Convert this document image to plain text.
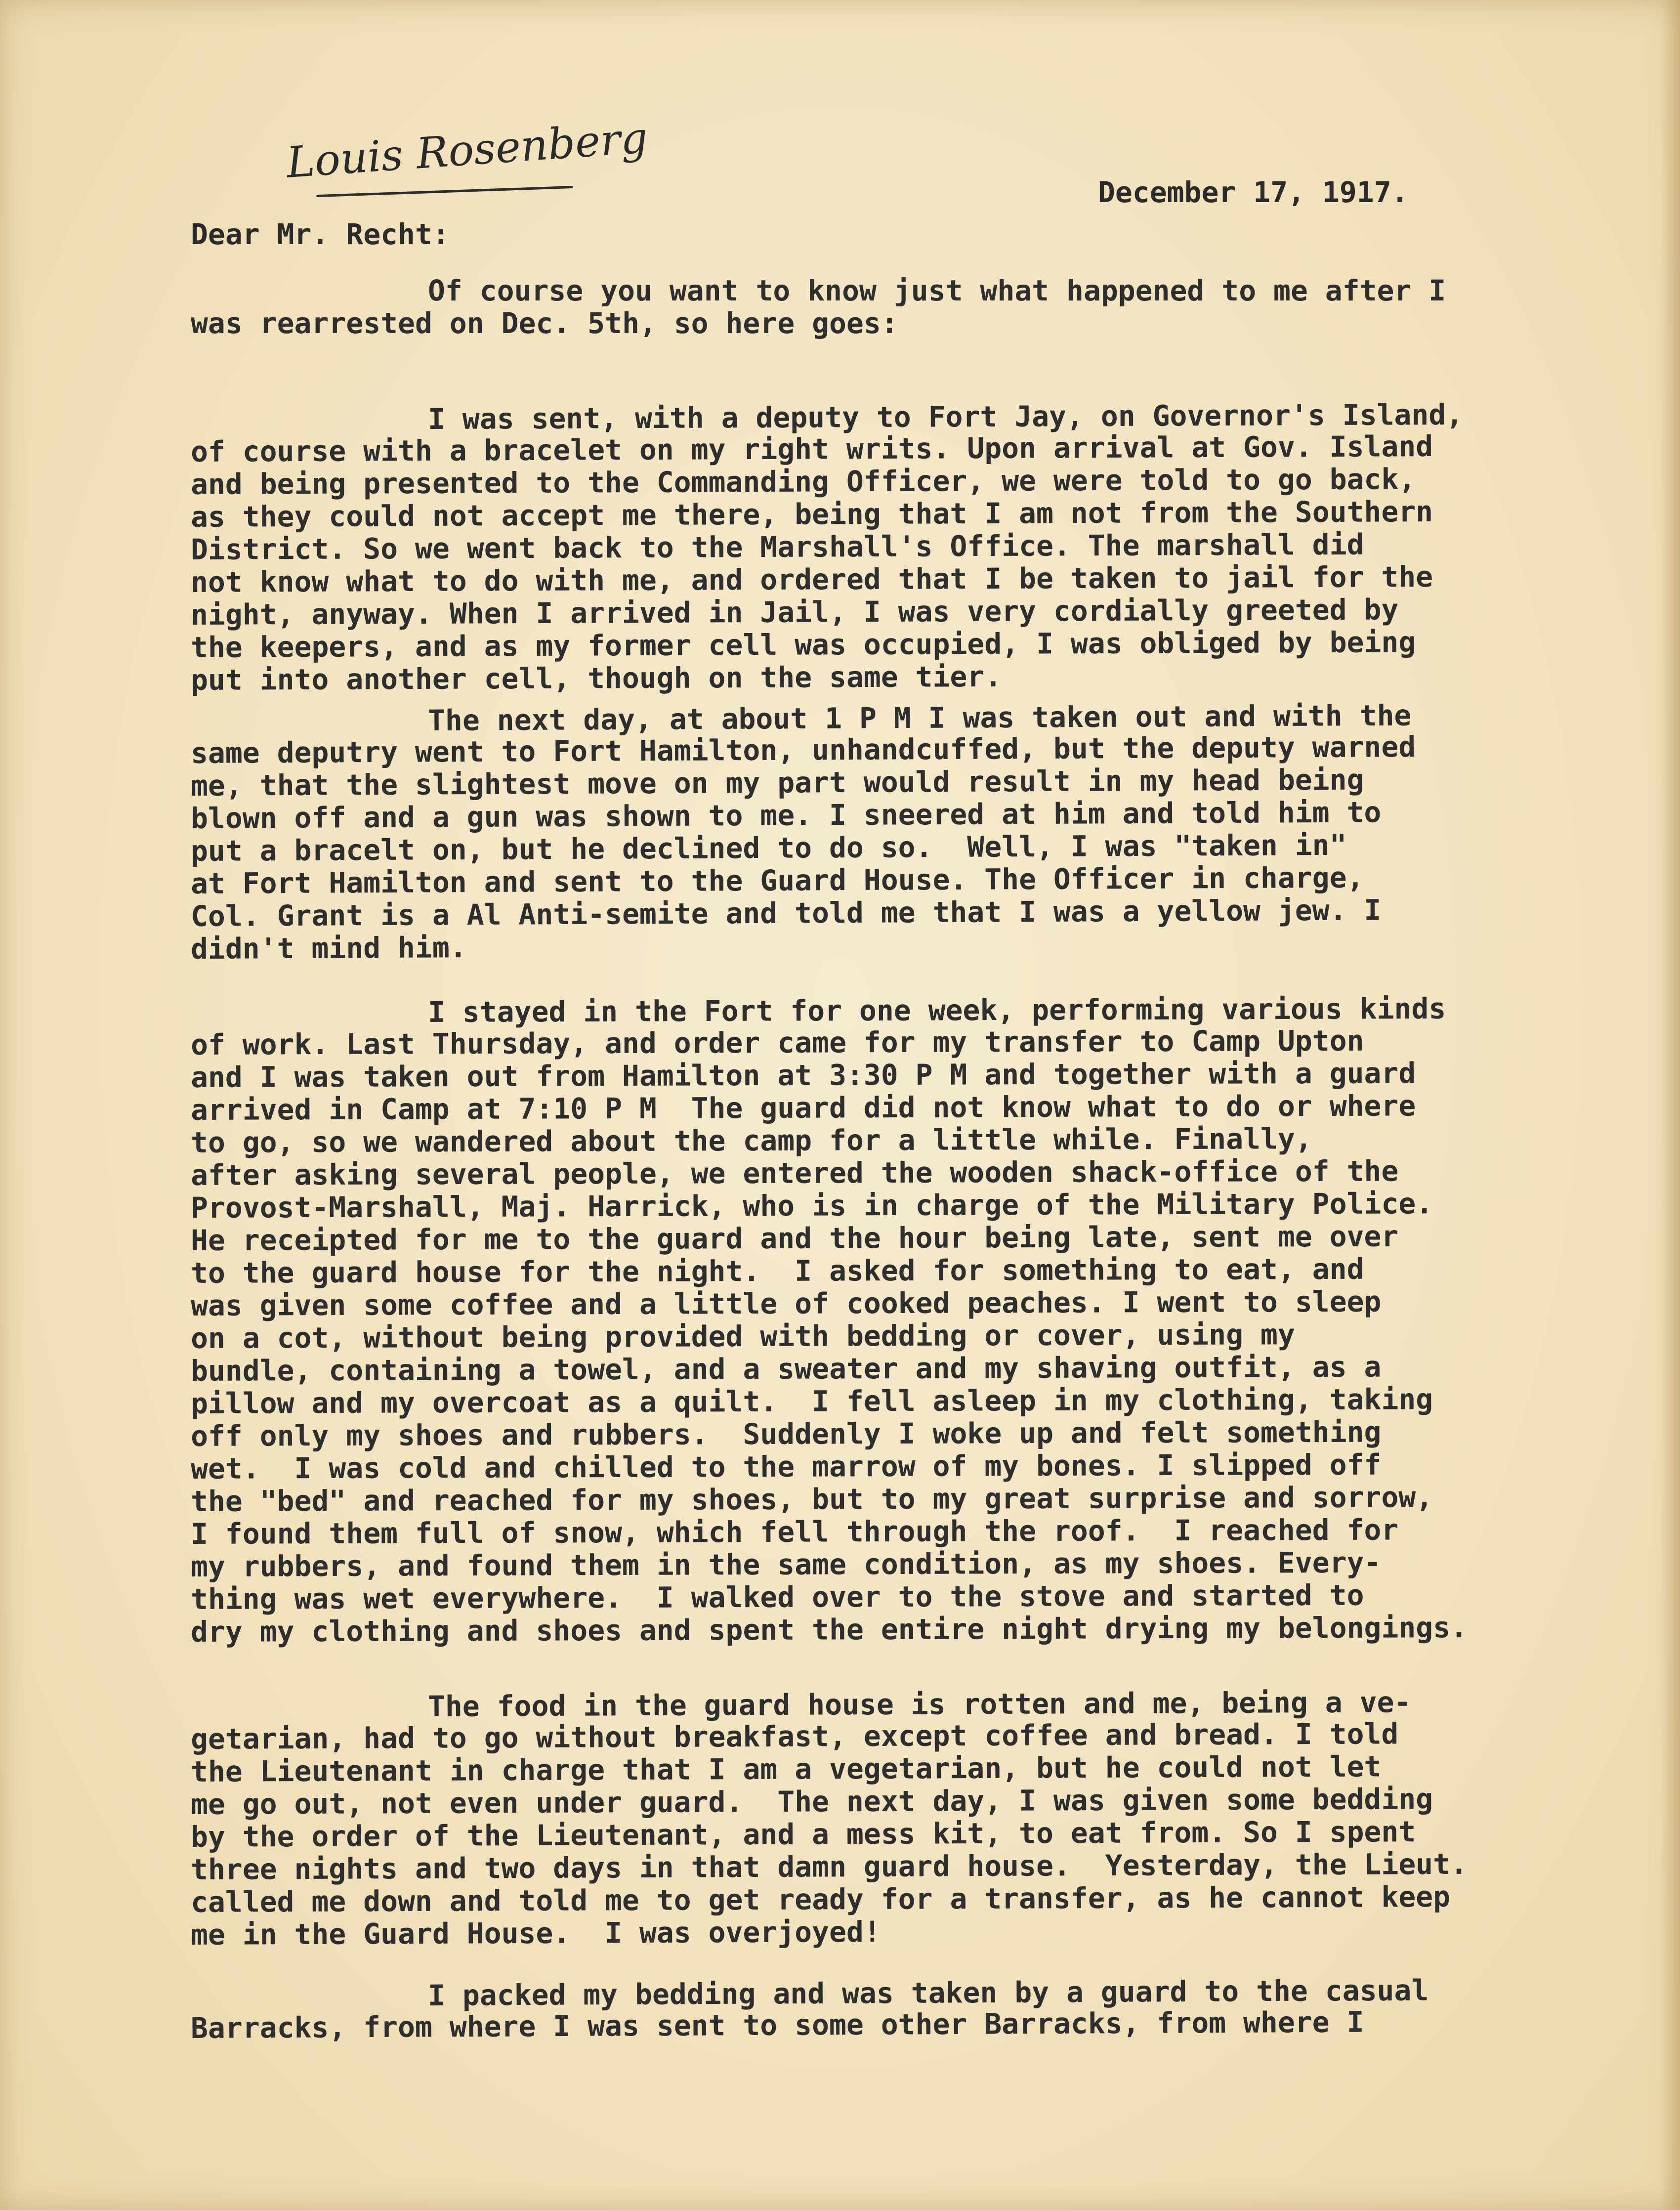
Louis Rosenberg
December 17, 1917.
Dear Mr. Recht:
Of course you want to know just what happened to me after I
was rearrested on Dec. 5th, so here goes:
I was sent, with a deputy to Fort Jay, on Governor's Island,
of course with a bracelet on my right writs. Upon arrival at Gov. Island
and being presented to the Commanding Officer, we were told to go back,
as they could not accept me there, being that I am not from the Southern
District. So we went back to the Marshall's Office. The marshall did
not know what to do with me, and ordered that I be taken to jail for the
night, anyway. When I arrived in Jail, I was very cordially greeted by
the keepers, and as my former cell was occupied, I was obliged by being
put into another cell, though on the same tier.
The next day, at about 1 P M I was taken out and with the
same deputry went to Fort Hamilton, unhandcuffed, but the deputy warned
me, that the slightest move on my part would result in my head being
blown off and a gun was shown to me. I sneered at him and told him to
put a bracelt on, but he declined to do so.  Well, I was "taken in"
at Fort Hamilton and sent to the Guard House. The Officer in charge,
Col. Grant is a Al Anti-semite and told me that I was a yellow jew. I
didn't mind him.
I stayed in the Fort for one week, performing various kinds
of work. Last Thursday, and order came for my transfer to Camp Upton
and I was taken out from Hamilton at 3:30 P M and together with a guard
arrived in Camp at 7:10 P M  The guard did not know what to do or where
to go, so we wandered about the camp for a little while. Finally,
after asking several people, we entered the wooden shack-office of the
Provost-Marshall, Maj. Harrick, who is in charge of the Military Police.
He receipted for me to the guard and the hour being late, sent me over
to the guard house for the night.  I asked for something to eat, and
was given some coffee and a little of cooked peaches. I went to sleep
on a cot, without being provided with bedding or cover, using my
bundle, containing a towel, and a sweater and my shaving outfit, as a
pillow and my overcoat as a quilt.  I fell asleep in my clothing, taking
off only my shoes and rubbers.  Suddenly I woke up and felt something
wet.  I was cold and chilled to the marrow of my bones. I slipped off
the "bed" and reached for my shoes, but to my great surprise and sorrow,
I found them full of snow, which fell through the roof.  I reached for
my rubbers, and found them in the same condition, as my shoes. Every-
thing was wet everywhere.  I walked over to the stove and started to
dry my clothing and shoes and spent the entire night drying my belongings.
The food in the guard house is rotten and me, being a ve-
getarian, had to go without breakfast, except coffee and bread. I told
the Lieutenant in charge that I am a vegetarian, but he could not let
me go out, not even under guard.  The next day, I was given some bedding
by the order of the Lieutenant, and a mess kit, to eat from. So I spent
three nights and two days in that damn guard house.  Yesterday, the Lieut.
called me down and told me to get ready for a transfer, as he cannot keep
me in the Guard House.  I was overjoyed!
I packed my bedding and was taken by a guard to the casual
Barracks, from where I was sent to some other Barracks, from where I
